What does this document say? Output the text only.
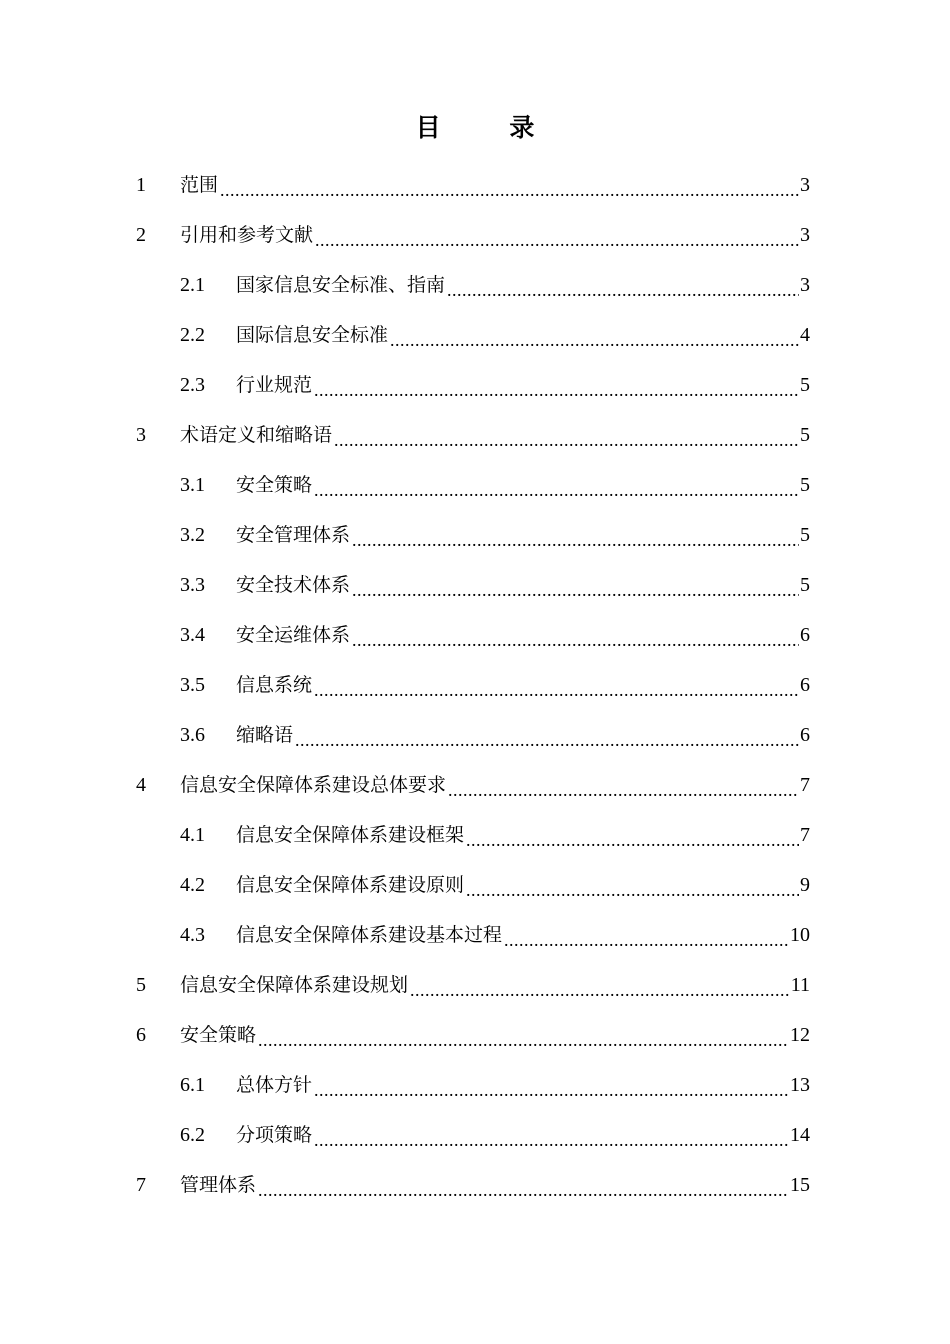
目 录
1	范围 .....	3
2	引用和参考文献 .....	3
2.1	国家信息安全标准、指南 .....	3
2.2	国际信息安全标准 .....	4
2.3	行业规范 .....	5
3	术语定义和缩略语 .....	5
3.1	安全策略 .....	5
3.2	安全管理体系 .....	5
3.3	安全技术体系 .....	5
3.4	安全运维体系 .....	6
3.5	信息系统 .....	6
3.6	缩略语 .....	6
4	信息安全保障体系建设总体要求 .....	7
4.1	信息安全保障体系建设框架 .....	7
4.2	信息安全保障体系建设原则 .....	9
4.3	信息安全保障体系建设基本过程 .....	10
5	信息安全保障体系建设规划 .....	11
6	安全策略 .....	12
6.1	总体方针 .....	13
6.2	分项策略 .....	14
7	管理体系 .....	15
